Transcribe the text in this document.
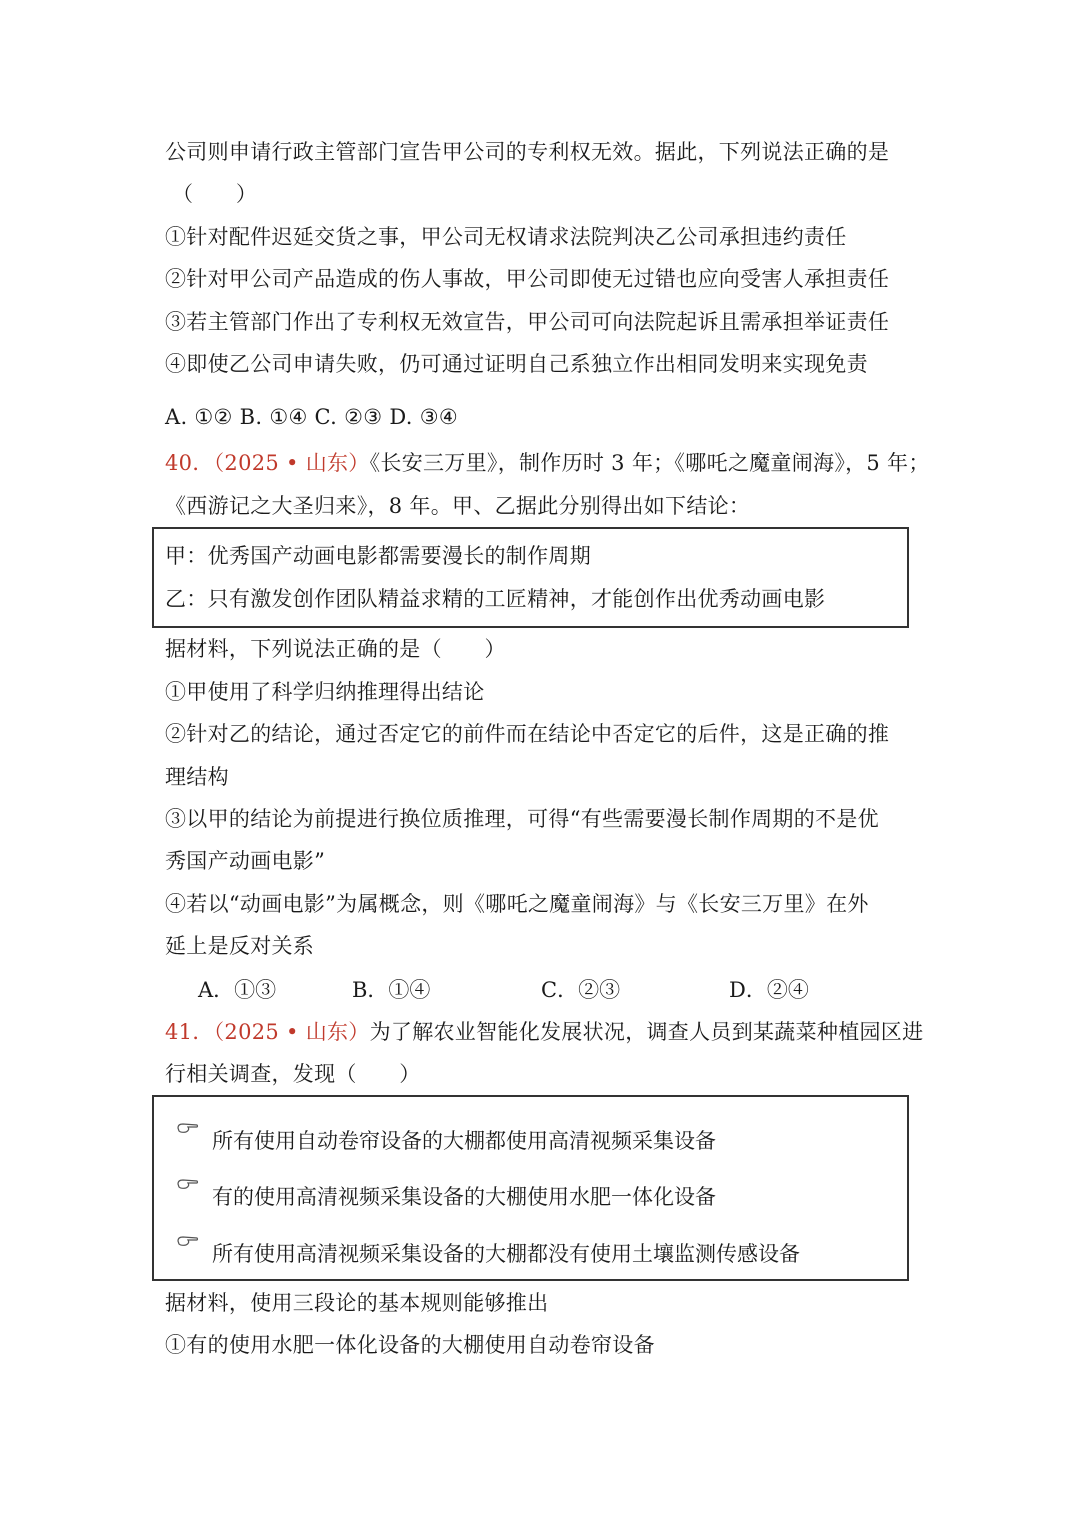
公司则申请行政主管部门宣告甲公司的专利权无效。据此，下列说法正确的是
（　　）
①针对配件迟延交货之事，甲公司无权请求法院判决乙公司承担违约责任
②针对甲公司产品造成的伤人事故，甲公司即使无过错也应向受害人承担责任
③若主管部门作出了专利权无效宣告，甲公司可向法院起诉且需承担举证责任
④即使乙公司申请失败，仍可通过证明自己系独立作出相同发明来实现免责
A. ①② B. ①④ C. ②③ D. ③④
40．（2025 • 山东）《长安三万里》，制作历时 3 年；《哪吒之魔童闹海》，5 年；
《西游记之大圣归来》，8 年。甲、乙据此分别得出如下结论：
甲：优秀国产动画电影都需要漫长的制作周期
乙：只有激发创作团队精益求精的工匠精神，才能创作出优秀动画电影
据材料，下列说法正确的是（　　）
①甲使用了科学归纳推理得出结论
②针对乙的结论，通过否定它的前件而在结论中否定它的后件，这是正确的推
理结构
③以甲的结论为前提进行换位质推理，可得“有些需要漫长制作周期的不是优
秀国产动画电影”
④若以“动画电影”为属概念，则《哪吒之魔童闹海》与《长安三万里》在外
延上是反对关系
A．①③	B．①④	C．②③	D．②④
41．（2025 • 山东）为了解农业智能化发展状况，调查人员到某蔬菜种植园区进
行相关调查，发现（　　）
所有使用自动卷帘设备的大棚都使用高清视频采集设备
有的使用高清视频采集设备的大棚使用水肥一体化设备
所有使用高清视频采集设备的大棚都没有使用土壤监测传感设备
据材料，使用三段论的基本规则能够推出
①有的使用水肥一体化设备的大棚使用自动卷帘设备
